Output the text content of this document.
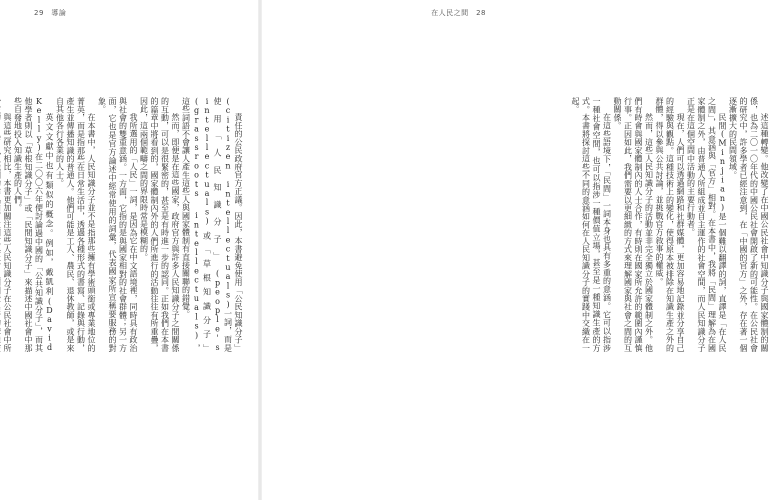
29　導論

責任的公民政府官方正議。因此，本書避免使用「公民知識分子」(citizen intellectuals)一詞，而是使用「人民知識分子」(people's intellectuals)或「草根知識分子」(grassroots intellectuals)，這些詞語不會讓人產生這些人與國家體制有直接關聯的錯覺。

然而，即便是在這些國家，政府官方與許多人民知識分子之間關係的互動，可以是很緊密的，甚至是有時進一步的認同。正如我們在本書的篇章中將看到的，國家體制內外的人們所進行的活動往往有所重疊，因此，這兩個範疇之間的界限時常是模糊的。

我所選用的「人民」一詞，是因為它在中文語境裡，同時具有政治與社會的雙重意涵。一方面，它指的是與國家相對的社會群體；另一方面，它也是官方論述中經常使用的詞彙，代表國家所宣稱要服務的對象。

在本書中，人民知識分子並不是指那些擁有學術頭銜或專業地位的菁英，而是指那些在日常生活中，透過各種形式的書寫、記錄與行動，產生並傳播知識的普通人。他們可能是工人、農民、退休教師，或是來自其他各行各業的人士。

英文文獻中也有類似的概念。例如，戴凱利(David Kelly)在二〇〇六年便討論過中國的「公共知識分子」，而其他學者則以「草根知識分子」或「民間知識分子」來描述中國社會中那些自發地投入知識生產的人們。

與這些研究相比，本書更加關注這些人民知識分子在公民社會中所

在人民之間　28

述這種轉變。他改變了在中國公民社會中知識分子與國家體制的關係，也為二〇一〇年代的中國公民社會開啟了新的可能性。在公民社會的研究中，許多學者已經注意到，在「中國的官方」之外，存在著一個逐漸擴大的民間領域。

民間(Minjian)是一個難以翻譯的詞，直譯是「在人民之間」，其意涵與「官方」相對。在本書中，我將「民間」理解為在國家體制之外，由普通人所組成並自主運作的社會空間，而人民知識分子正是在這個空間中活動的主要行動者。

現在，人們可以透過網路和社群媒體，更加容易地記錄並分享自己的經驗與觀點。這種技術上的變化，使得原本被排除在知識生產之外的群體，得以參與公共討論，並挑戰官方敘事的權威。

然而，這些人民知識分子的活動並非完全獨立於國家體制之外。他們有時會與國家體制內的人士合作，有時則在國家所允許的範圍內謹慎行事。正因如此，我們需要以更細緻的方式來理解國家與社會之間的互動關係。

在這些語境下，「民間」一詞本身也具有多重的意涵。它可以指涉一種社會空間，也可以指涉一種價值立場，甚至是一種知識生產的方式。本書將探討這些不同的意涵如何在人民知識分子的實踐中交織在一起。
